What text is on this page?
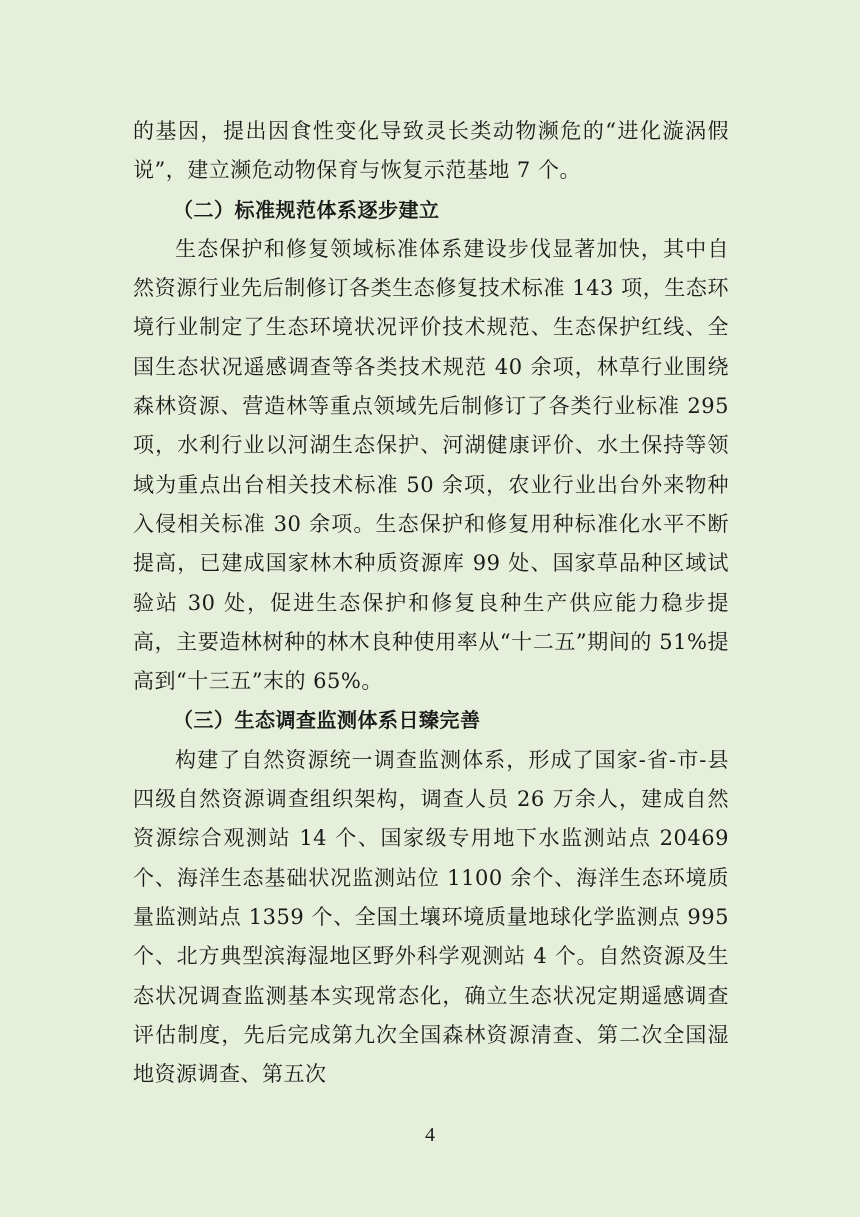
的基因，提出因食性变化导致灵长类动物濒危的“进化漩涡假说”，建立濒危动物保育与恢复示范基地 7 个。

（二）标准规范体系逐步建立

生态保护和修复领域标准体系建设步伐显著加快，其中自然资源行业先后制修订各类生态修复技术标准 143 项，生态环境行业制定了生态环境状况评价技术规范、生态保护红线、全国生态状况遥感调查等各类技术规范 40 余项，林草行业围绕森林资源、营造林等重点领域先后制修订了各类行业标准 295 项，水利行业以河湖生态保护、河湖健康评价、水土保持等领域为重点出台相关技术标准 50 余项，农业行业出台外来物种入侵相关标准 30 余项。生态保护和修复用种标准化水平不断提高，已建成国家林木种质资源库 99 处、国家草品种区域试验站 30 处，促进生态保护和修复良种生产供应能力稳步提高，主要造林树种的林木良种使用率从“十二五”期间的 51%提高到“十三五”末的 65%。

（三）生态调查监测体系日臻完善

构建了自然资源统一调查监测体系，形成了国家-省-市-县四级自然资源调查组织架构，调查人员 26 万余人，建成自然资源综合观测站 14 个、国家级专用地下水监测站点 20469 个、海洋生态基础状况监测站位 1100 余个、海洋生态环境质量监测站点 1359 个、全国土壤环境质量地球化学监测点 995 个、北方典型滨海湿地区野外科学观测站 4 个。自然资源及生态状况调查监测基本实现常态化，确立生态状况定期遥感调查评估制度，先后完成第九次全国森林资源清查、第二次全国湿地资源调查、第五次

4
